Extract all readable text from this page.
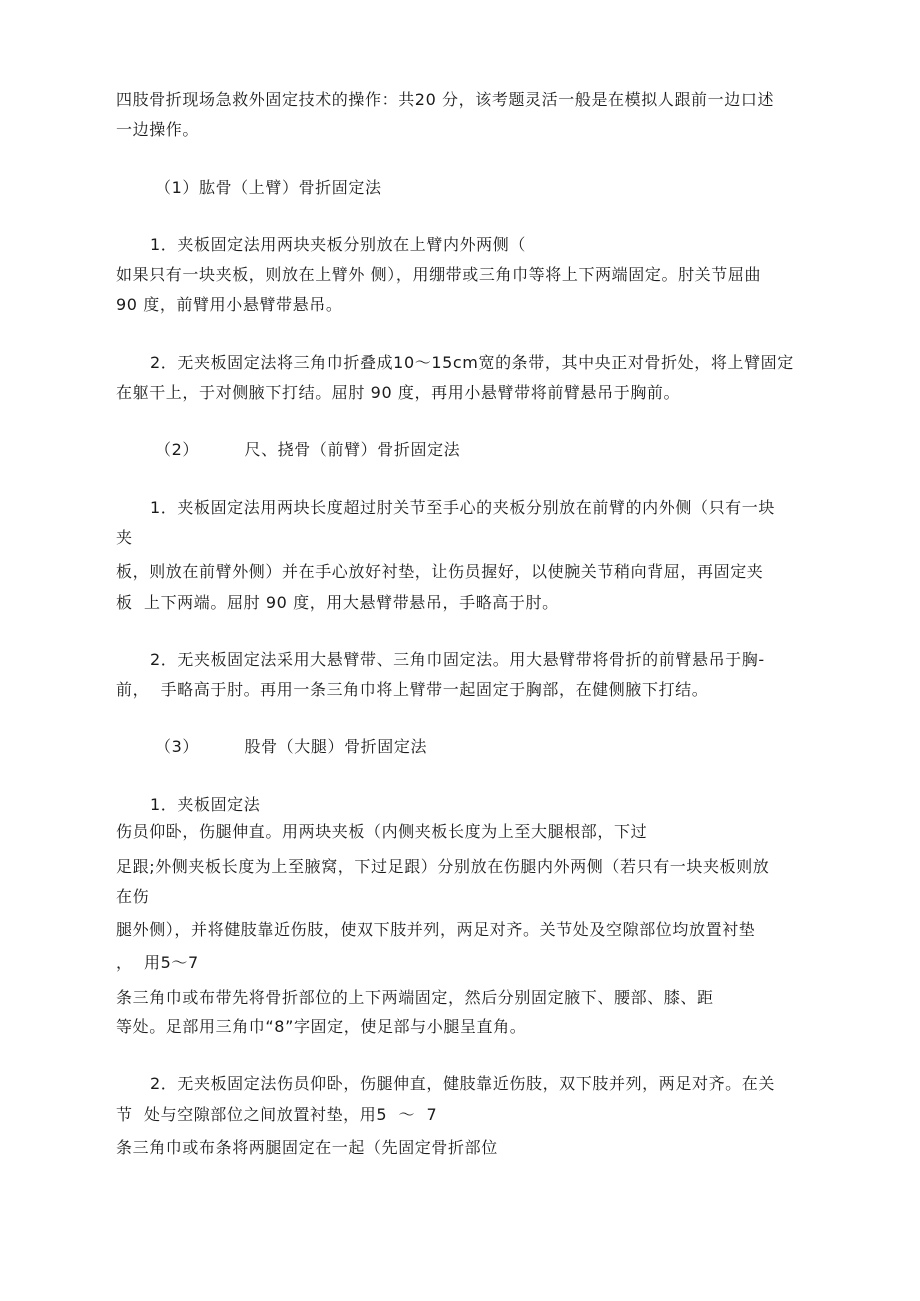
四肢骨折现场急救外固定技术的操作：共20 分，该考题灵活一般是在模拟人跟前一边口述

一边操作。

（1）肱骨（上臂）骨折固定法

1．夹板固定法用两块夹板分别放在上臂内外两侧（

如果只有一块夹板，则放在上臂外 侧），用绷带或三角巾等将上下两端固定。肘关节屈曲

90 度，前臂用小悬臂带悬吊。

2．无夹板固定法将三角巾折叠成10～15cm宽的条带，其中央正对骨折处，将上臂固定

在躯干上，于对侧腋下打结。屈肘 90 度，再用小悬臂带将前臂悬吊于胸前。

（2）        尺、挠骨（前臂）骨折固定法

1．夹板固定法用两块长度超过肘关节至手心的夹板分别放在前臂的内外侧（只有一块

夹

板，则放在前臂外侧）并在手心放好衬垫，让伤员握好，以使腕关节稍向背屈，再固定夹

板  上下两端。屈肘 90 度，用大悬臂带悬吊，手略高于肘。

2．无夹板固定法采用大悬臂带、三角巾固定法。用大悬臂带将骨折的前臂悬吊于胸-

前，  手略高于肘。再用一条三角巾将上臂带一起固定于胸部，在健侧腋下打结。

（3）        股骨（大腿）骨折固定法

1．夹板固定法

伤员仰卧，伤腿伸直。用两块夹板（内侧夹板长度为上至大腿根部，下过

足跟;外侧夹板长度为上至腋窝，下过足跟）分别放在伤腿内外两侧（若只有一块夹板则放

在伤

腿外侧），并将健肢靠近伤肢，使双下肢并列，两足对齐。关节处及空隙部位均放置衬垫

，  用5～7

条三角巾或布带先将骨折部位的上下两端固定，然后分别固定腋下、腰部、膝、距

等处。足部用三角巾“8”字固定，使足部与小腿呈直角。

2．无夹板固定法伤员仰卧，伤腿伸直，健肢靠近伤肢，双下肢并列，两足对齐。在关

节  处与空隙部位之间放置衬垫，用5  ～  7

条三角巾或布条将两腿固定在一起（先固定骨折部位
